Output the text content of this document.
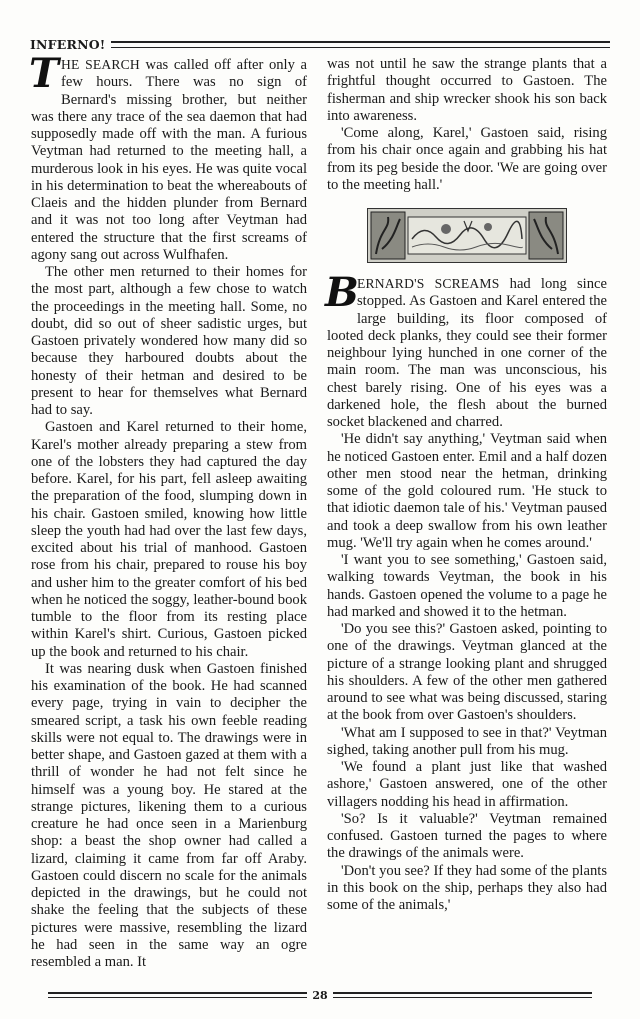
INFERNO!

THE SEARCH was called off after only a few hours. There was no sign of Bernard's missing brother, but neither was there any trace of the sea daemon that had supposedly made off with the man. A furious Veytman had returned to the meeting hall, a murderous look in his eyes. He was quite vocal in his determination to beat the whereabouts of Claeis and the hidden plunder from Bernard and it was not too long after Veytman had entered the structure that the first screams of agony sang out across Wulfhafen.

The other men returned to their homes for the most part, although a few chose to watch the proceedings in the meeting hall. Some, no doubt, did so out of sheer sadistic urges, but Gastoen privately wondered how many did so because they harboured doubts about the honesty of their hetman and desired to be present to hear for themselves what Bernard had to say.

Gastoen and Karel returned to their home, Karel's mother already preparing a stew from one of the lobsters they had captured the day before. Karel, for his part, fell asleep awaiting the preparation of the food, slumping down in his chair. Gastoen smiled, knowing how little sleep the youth had had over the last few days, excited about his trial of manhood. Gastoen rose from his chair, prepared to rouse his boy and usher him to the greater comfort of his bed when he noticed the soggy, leather-bound book tumble to the floor from its resting place within Karel's shirt. Curious, Gastoen picked up the book and returned to his chair.

It was nearing dusk when Gastoen finished his examination of the book. He had scanned every page, trying in vain to decipher the smeared script, a task his own feeble reading skills were not equal to. The drawings were in better shape, and Gastoen gazed at them with a thrill of wonder he had not felt since he himself was a young boy. He stared at the strange pictures, likening them to a curious creature he had once seen in a Marienburg shop: a beast the shop owner had called a lizard, claiming it came from far off Araby. Gastoen could discern no scale for the animals depicted in the drawings, but he could not shake the feeling that the subjects of these pictures were massive, resembling the lizard he had seen in the same way an ogre resembled a man. It

was not until he saw the strange plants that a frightful thought occurred to Gastoen. The fisherman and ship wrecker shook his son back into awareness.

'Come along, Karel,' Gastoen said, rising from his chair once again and grabbing his hat from its peg beside the door. 'We are going over to the meeting hall.'

B
ERNARD'S SCREAMS had long since stopped. As Gastoen and Karel entered the large building, its floor composed of looted deck planks, they could see their former neighbour lying hunched in one corner of the main room. The man was unconscious, his chest barely rising. One of his eyes was a darkened hole, the flesh about the burned socket blackened and charred.

'He didn't say anything,' Veytman said when he noticed Gastoen enter. Emil and a half dozen other men stood near the hetman, drinking some of the gold coloured rum. 'He stuck to that idiotic daemon tale of his.' Veytman paused and took a deep swallow from his own leather mug. 'We'll try again when he comes around.'

'I want you to see something,' Gastoen said, walking towards Veytman, the book in his hands. Gastoen opened the volume to a page he had marked and showed it to the hetman.

'Do you see this?' Gastoen asked, pointing to one of the drawings. Veytman glanced at the picture of a strange looking plant and shrugged his shoulders. A few of the other men gathered around to see what was being discussed, staring at the book from over Gastoen's shoulders.

'What am I supposed to see in that?' Veytman sighed, taking another pull from his mug.

'We found a plant just like that washed ashore,' Gastoen answered, one of the other villagers nodding his head in affirmation.

'So? Is it valuable?' Veytman remained confused. Gastoen turned the pages to where the drawings of the animals were.

'Don't you see? If they had some of the plants in this book on the ship, perhaps they also had some of the animals,'

28
